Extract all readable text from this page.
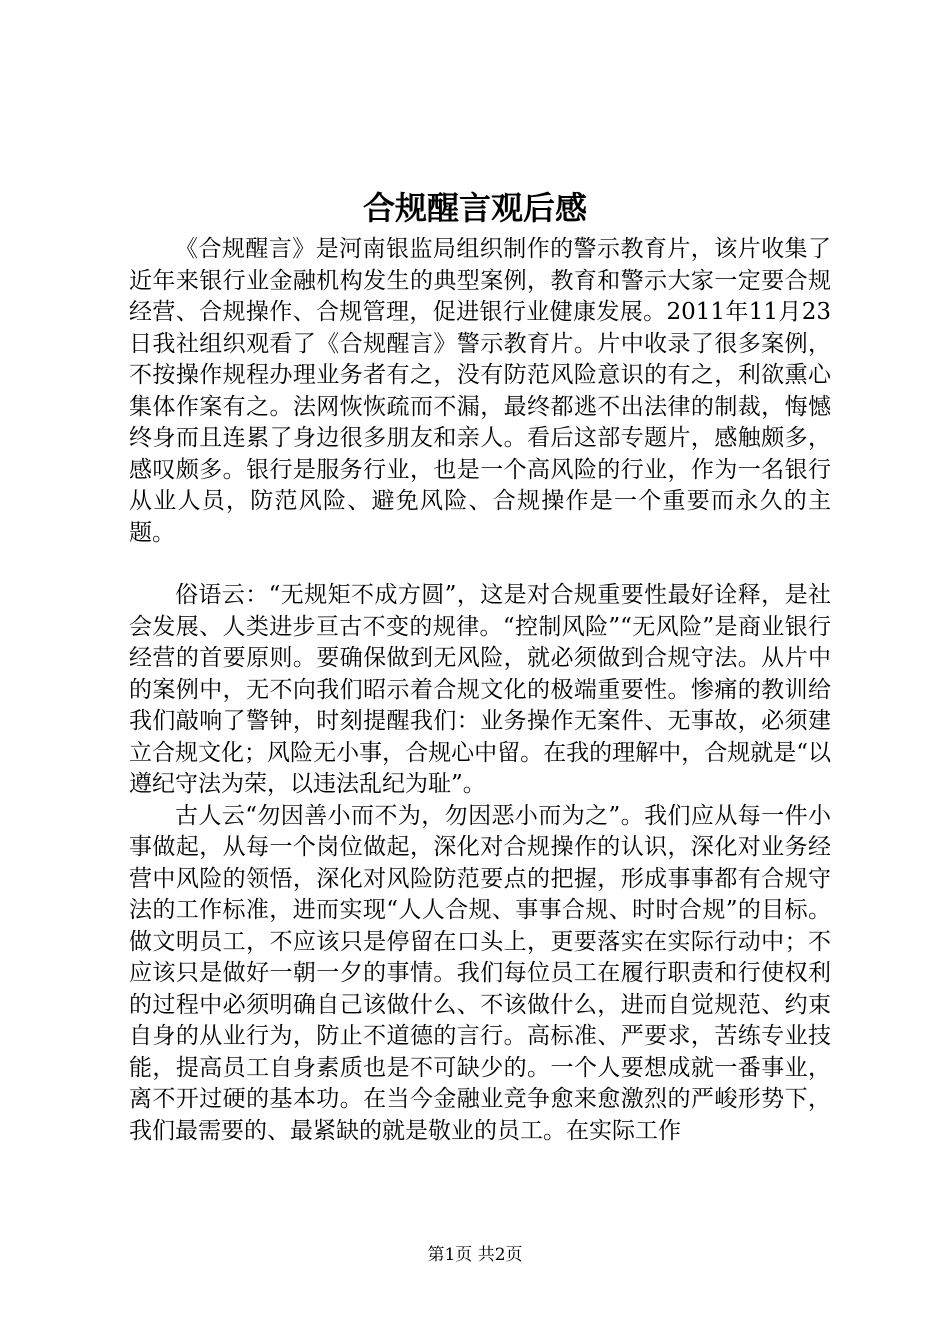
合规醒言观后感

《合规醒言》是河南银监局组织制作的警示教育片，该片收集了近年来银行业金融机构发生的典型案例，教育和警示大家一定要合规经营、合规操作、合规管理，促进银行业健康发展。2011年11月23日我社组织观看了《合规醒言》警示教育片。片中收录了很多案例，不按操作规程办理业务者有之，没有防范风险意识的有之，利欲熏心集体作案有之。法网恢恢疏而不漏，最终都逃不出法律的制裁，悔憾终身而且连累了身边很多朋友和亲人。看后这部专题片，感触颇多，感叹颇多。银行是服务行业，也是一个高风险的行业，作为一名银行从业人员，防范风险、避免风险、合规操作是一个重要而永久的主题。

俗语云：“无规矩不成方圆”，这是对合规重要性最好诠释，是社会发展、人类进步亘古不变的规律。“控制风险”“无风险”是商业银行经营的首要原则。要确保做到无风险，就必须做到合规守法。从片中的案例中，无不向我们昭示着合规文化的极端重要性。惨痛的教训给我们敲响了警钟，时刻提醒我们：业务操作无案件、无事故，必须建立合规文化；风险无小事，合规心中留。在我的理解中，合规就是“以遵纪守法为荣，以违法乱纪为耻”。

古人云“勿因善小而不为，勿因恶小而为之”。我们应从每一件小事做起，从每一个岗位做起，深化对合规操作的认识，深化对业务经营中风险的领悟，深化对风险防范要点的把握，形成事事都有合规守法的工作标准，进而实现“人人合规、事事合规、时时合规”的目标。做文明员工，不应该只是停留在口头上，更要落实在实际行动中；不应该只是做好一朝一夕的事情。我们每位员工在履行职责和行使权利的过程中必须明确自己该做什么、不该做什么，进而自觉规范、约束自身的从业行为，防止不道德的言行。高标准、严要求，苦练专业技能，提高员工自身素质也是不可缺少的。一个人要想成就一番事业，离不开过硬的基本功。在当今金融业竞争愈来愈激烈的严峻形势下，我们最需要的、最紧缺的就是敬业的员工。在实际工作

第1页 共2页
